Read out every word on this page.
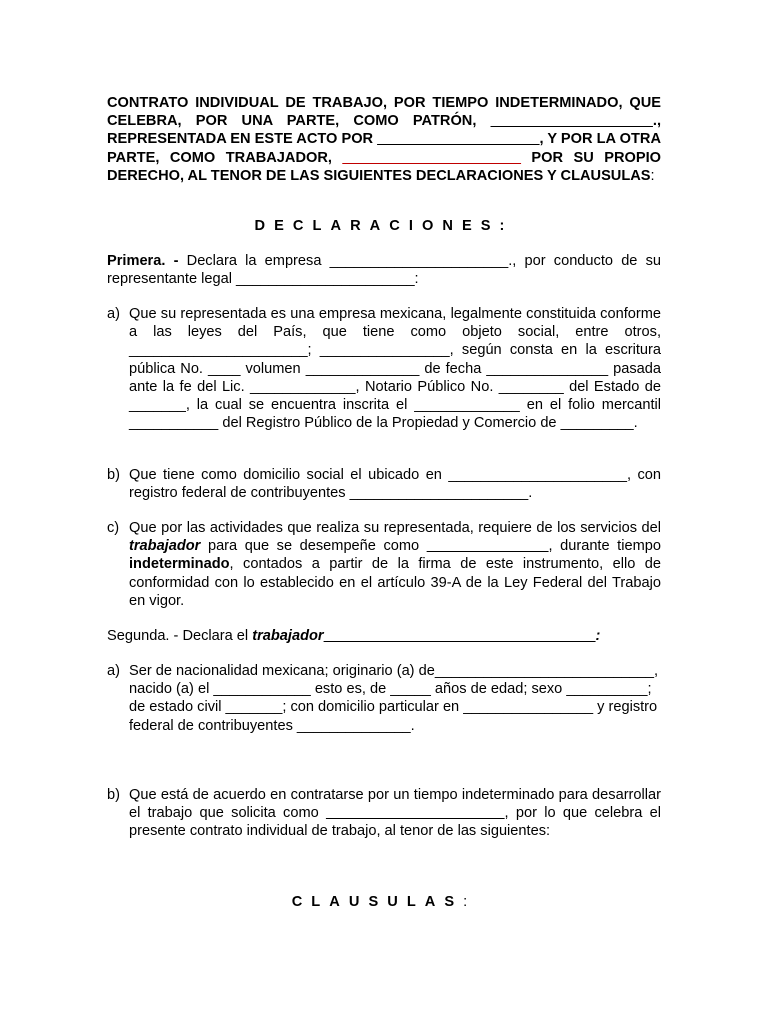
CONTRATO INDIVIDUAL DE TRABAJO, POR TIEMPO INDETERMINADO, QUE CELEBRA, POR UNA PARTE, COMO PATRÓN, ____________________., REPRESENTADA EN ESTE ACTO POR ____________________, Y POR LA OTRA PARTE, COMO TRABAJADOR, ______________________ POR SU PROPIO DERECHO, AL TENOR DE LAS SIGUIENTES DECLARACIONES Y CLAUSULAS:
DECLARACIONES:
Primera. - Declara la empresa ______________________., por conducto de su representante legal ______________________:
a) Que su representada es una empresa mexicana, legalmente constituida conforme a las leyes del País, que tiene como objeto social, entre otros, ______________________; ________________, según consta en la escritura pública No. ____ volumen ______________ de fecha _______________ pasada ante la fe del Lic. _____________, Notario Público No. ________ del Estado de _______, la cual se encuentra inscrita el _____________ en el folio mercantil ___________ del Registro Público de la Propiedad y Comercio de _________.
b) Que tiene como domicilio social el ubicado en ______________________, con registro federal de contribuyentes ______________________.
c) Que por las actividades que realiza su representada, requiere de los servicios del trabajador para que se desempeñe como _______________, durante tiempo indeterminado, contados a partir de la firma de este instrumento, ello de conformidad con lo establecido en el artículo 39-A de la Ley Federal del Trabajo en vigor.
Segunda. - Declara el trabajador _________________________________:
a) Ser de nacionalidad mexicana; originario (a) de___________________________, nacido (a) el ____________ esto es, de _____ años de edad; sexo __________; de estado civil _______; con domicilio particular en ________________ y registro federal de contribuyentes ______________.
b) Que está de acuerdo en contratarse por un tiempo indeterminado para desarrollar el trabajo que solicita como ______________________, por lo que celebra el presente contrato individual de trabajo, al tenor de las siguientes:
CLAUSULAS:
